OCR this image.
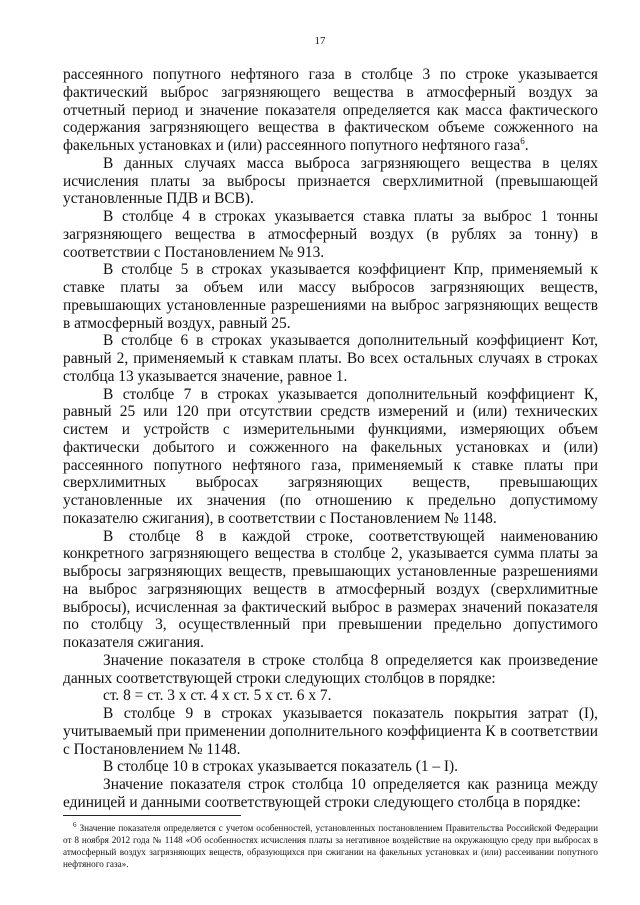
17

рассеянного попутного нефтяного газа в столбце 3 по строке указывается фактический выброс загрязняющего вещества в атмосферный воздух за отчетный период и значение показателя определяется как масса фактического содержания загрязняющего вещества в фактическом объеме сожженного на факельных установках и (или) рассеянного попутного нефтяного газа$^6$.

В данных случаях масса выброса загрязняющего вещества в целях исчисления платы за выбросы признается сверхлимитной (превышающей установленные ПДВ и ВСВ).

В столбце 4 в строках указывается ставка платы за выброс 1 тонны загрязняющего вещества в атмосферный воздух (в рублях за тонну) в соответствии с Постановлением № 913.

В столбце 5 в строках указывается коэффициент Кпр, применяемый к ставке платы за объем или массу выбросов загрязняющих веществ, превышающих установленные разрешениями на выброс загрязняющих веществ в атмосферный воздух, равный 25.

В столбце 6 в строках указывается дополнительный коэффициент Кот, равный 2, применяемый к ставкам платы. Во всех остальных случаях в строках столбца 13 указывается значение, равное 1.

В столбце 7 в строках указывается дополнительный коэффициент К, равный 25 или 120 при отсутствии средств измерений и (или) технических систем и устройств с измерительными функциями, измеряющих объем фактически добытого и сожженного на факельных установках и (или) рассеянного попутного нефтяного газа, применяемый к ставке платы при сверхлимитных выбросах загрязняющих веществ, превышающих установленные их значения (по отношению к предельно допустимому показателю сжигания), в соответствии с Постановлением № 1148.

В столбце 8 в каждой строке, соответствующей наименованию конкретного загрязняющего вещества в столбце 2, указывается сумма платы за выбросы загрязняющих веществ, превышающих установленные разрешениями на выброс загрязняющих веществ в атмосферный воздух (сверхлимитные выбросы), исчисленная за фактический выброс в размерах значений показателя по столбцу 3, осуществленный при превышении предельно допустимого показателя сжигания.

Значение показателя в строке столбца 8 определяется как произведение данных соответствующей строки следующих столбцов в порядке:

ст. 8 = ст. 3 х ст. 4 х ст. 5 х ст. 6 х 7.

В столбце 9 в строках указывается показатель покрытия затрат (I), учитываемый при применении дополнительного коэффициента К в соответствии с Постановлением № 1148.

В столбце 10 в строках указывается показатель (1 – I).

Значение показателя строк столбца 10 определяется как разница между единицей и данными соответствующей строки следующего столбца в порядке:

$^6$ Значение показателя определяется с учетом особенностей, установленных постановлением Правительства Российской Федерации от 8 ноября 2012 года № 1148 «Об особенностях исчисления платы за негативное воздействие на окружающую среду при выбросах в атмосферный воздух загрязняющих веществ, образующихся при сжигании на факельных установках и (или) рассеивании попутного нефтяного газа».
